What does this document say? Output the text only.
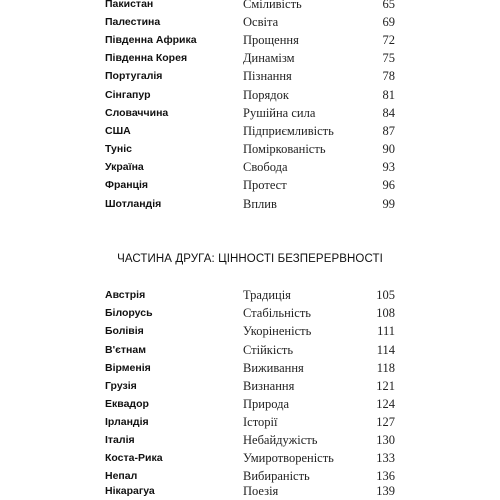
Пакистан	Сміливість	65
Палестина	Освіта	69
Південна Африка	Прощення	72
Південна Корея	Динамізм	75
Португалія	Пізнання	78
Сінгапур	Порядок	81
Словаччина	Рушійна сила	84
США	Підприємливість	87
Туніс	Поміркованість	90
Україна	Свобода	93
Франція	Протест	96
Шотландія	Вплив	99
ЧАСТИНА ДРУГА: ЦІННОСТІ БЕЗПЕРЕРВНОСТІ
Австрія	Традиція	105
Білорусь	Стабільність	108
Болівія	Укоріненість	111
В'єтнам	Стійкість	114
Вірменія	Виживання	118
Грузія	Визнання	121
Еквадор	Природа	124
Ірландія	Історії	127
Італія	Небайдужість	130
Коста-Рика	Умиротвореність	133
Непал	Вибираність	136
Нікарагуа	Поезія	139
